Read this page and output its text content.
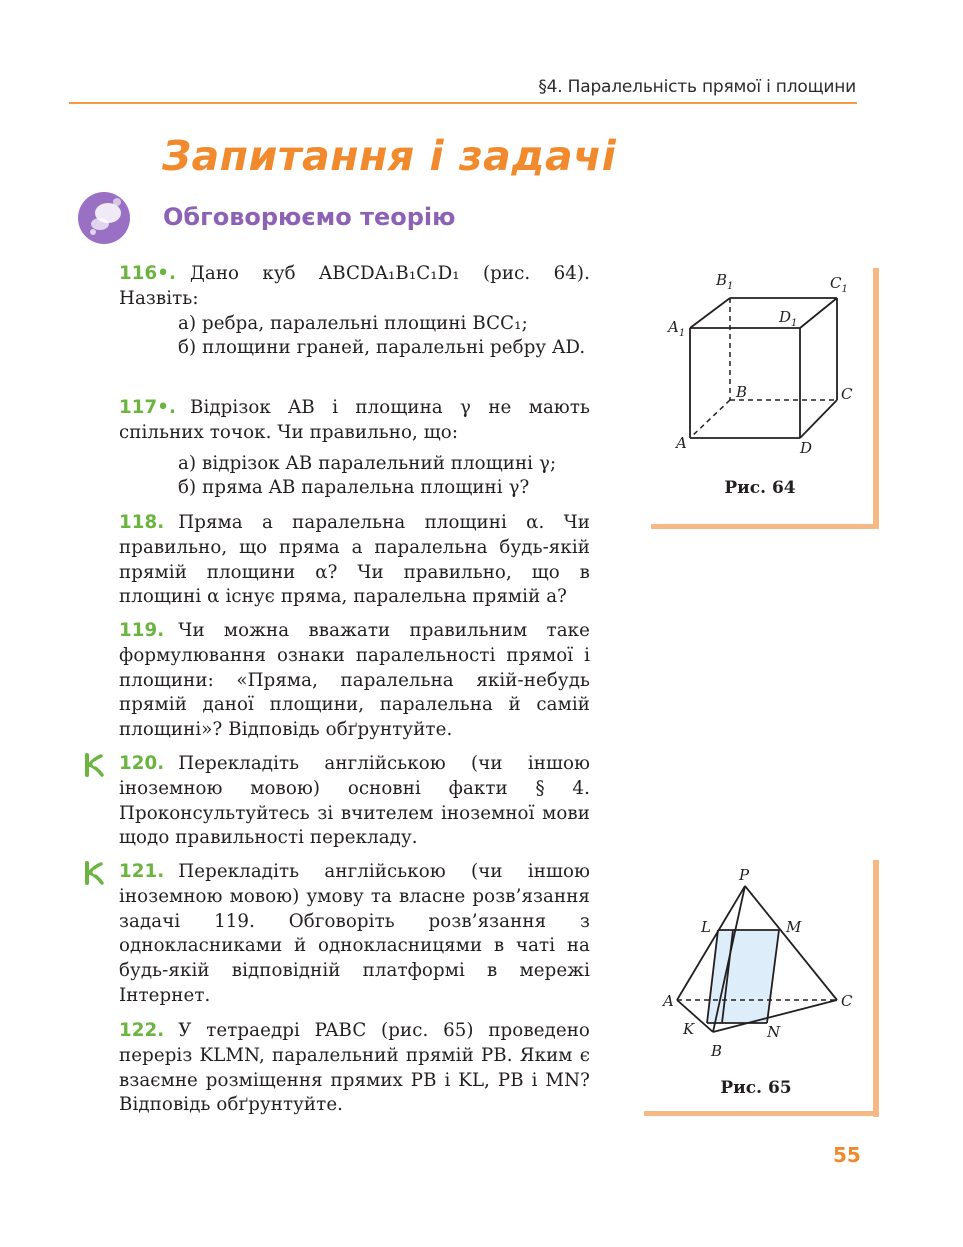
§4. Паралельність прямої і площини
Запитання і задачі
Обговорюємо теорію
116•. Дано куб ABCDA₁B₁C₁D₁ (рис. 64). Назвіть:
а) ребра, паралельні площині BCC₁;
б) площини граней, паралельні ребру AD.
117•. Відрізок AB і площина γ не мають спільних точок. Чи правильно, що:
а) відрізок AB паралельний площині γ;
б) пряма AB паралельна площині γ?
118. Пряма a паралельна площині α. Чи правильно, що пряма a паралельна будь-якій прямій площини α? Чи правильно, що в площині α існує пряма, паралельна прямій a?
119. Чи можна вважати правильним таке формулювання ознаки паралельності прямої і площини: «Пряма, паралельна якій-небудь прямій даної площини, паралельна й самій площині»? Відповідь обґрунтуйте.
120. Перекладіть англійською (чи іншою іноземною мовою) основні факти § 4. Проконсультуйтесь зі вчителем іноземної мови щодо правильності перекладу.
121. Перекладіть англійською (чи іншою іноземною мовою) умову та власне розв’язання задачі 119. Обговоріть розв’язання з однокласниками й однокласницями в чаті на будь-якій відповідній платформі в мережі Інтернет.
122. У тетраедрі PABC (рис. 65) проведено переріз KLMN, паралельний прямій PB. Яким є взаємне розміщення прямих PB і KL, PB і MN? Відповідь обґрунтуйте.
$B_1$	$C_1$
$A_1$
$D_1$
B	C
A	D
Рис. 64
P
L	M
A	C
K	N
B
Рис. 65
55
